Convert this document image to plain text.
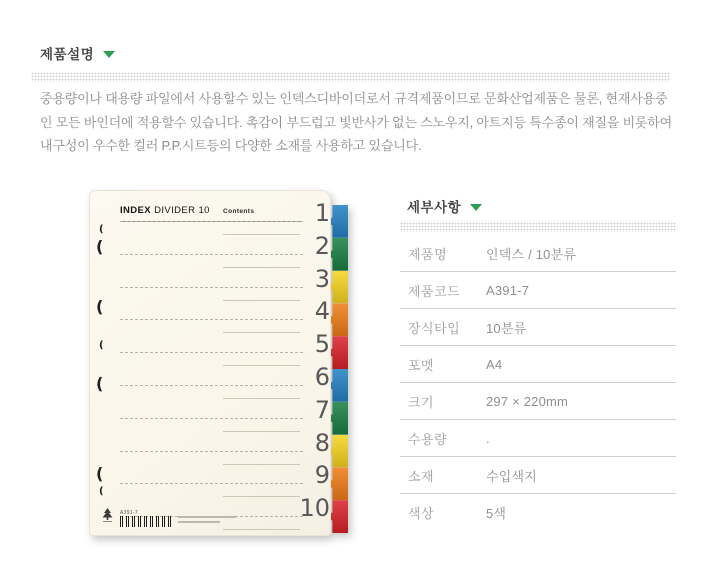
제품설명
중용량이나 대용량 파일에서 사용할수 있는 인덱스디바이더로서 규격제품이므로 문화산업제품은 물론, 현재사용중
인 모든 바인더에 적용할수 있습니다. 촉감이 부드럽고 빛반사가 없는 스노우지, 아트지등 특수종이 재질을 비롯하여
내구성이 우수한 컬러 P.P.시트등의 다양한 소재를 사용하고 있습니다.
INDEX DIVIDER 10 Contents	1
2
3
4
5
6
7
8
9
10
(
(
(
(
(
(
(
A391-7
세부사항
제품명	인덱스 / 10분류
제품코드	A391-7
장식타입	10분류
포멧	A4
크기	297 × 220mm
수용량	.
소재	수입색지
색상	5색
